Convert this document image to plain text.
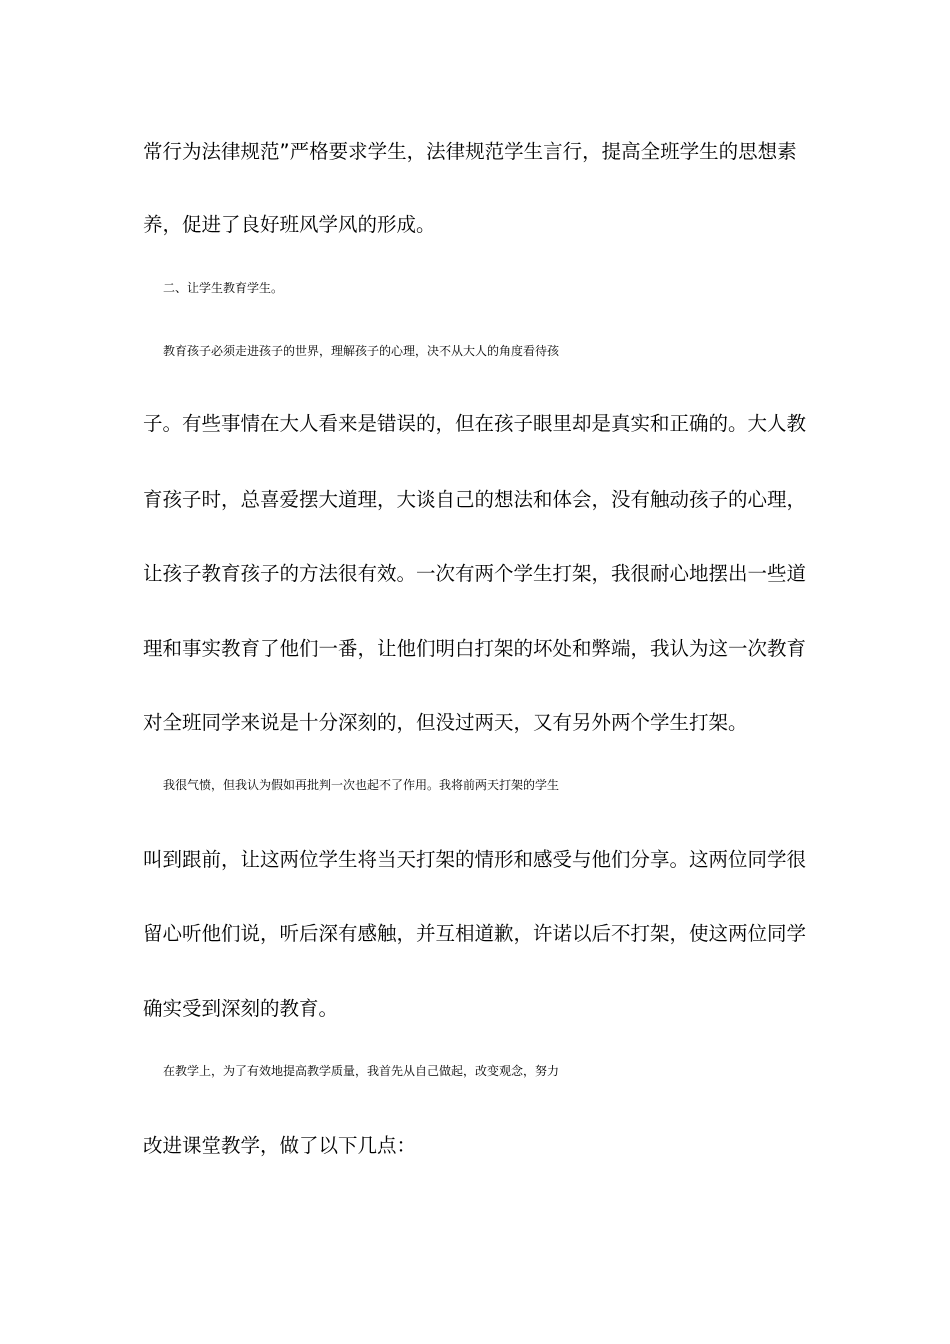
常行为法律规范”严格要求学生，法律规范学生言行，提高全班学生的思想素
养，促进了良好班风学风的形成。
二、让学生教育学生。
教育孩子必须走进孩子的世界，理解孩子的心理，决不从大人的角度看待孩
子。有些事情在大人看来是错误的，但在孩子眼里却是真实和正确的。大人教
育孩子时，总喜爱摆大道理，大谈自己的想法和体会，没有触动孩子的心理，
让孩子教育孩子的方法很有效。一次有两个学生打架，我很耐心地摆出一些道
理和事实教育了他们一番，让他们明白打架的坏处和弊端，我认为这一次教育
对全班同学来说是十分深刻的，但没过两天，又有另外两个学生打架。
我很气愤，但我认为假如再批判一次也起不了作用。我将前两天打架的学生
叫到跟前，让这两位学生将当天打架的情形和感受与他们分享。这两位同学很
留心听他们说，听后深有感触，并互相道歉，许诺以后不打架，使这两位同学
确实受到深刻的教育。
在教学上，为了有效地提高教学质量，我首先从自己做起，改变观念，努力
改进课堂教学，做了以下几点：
